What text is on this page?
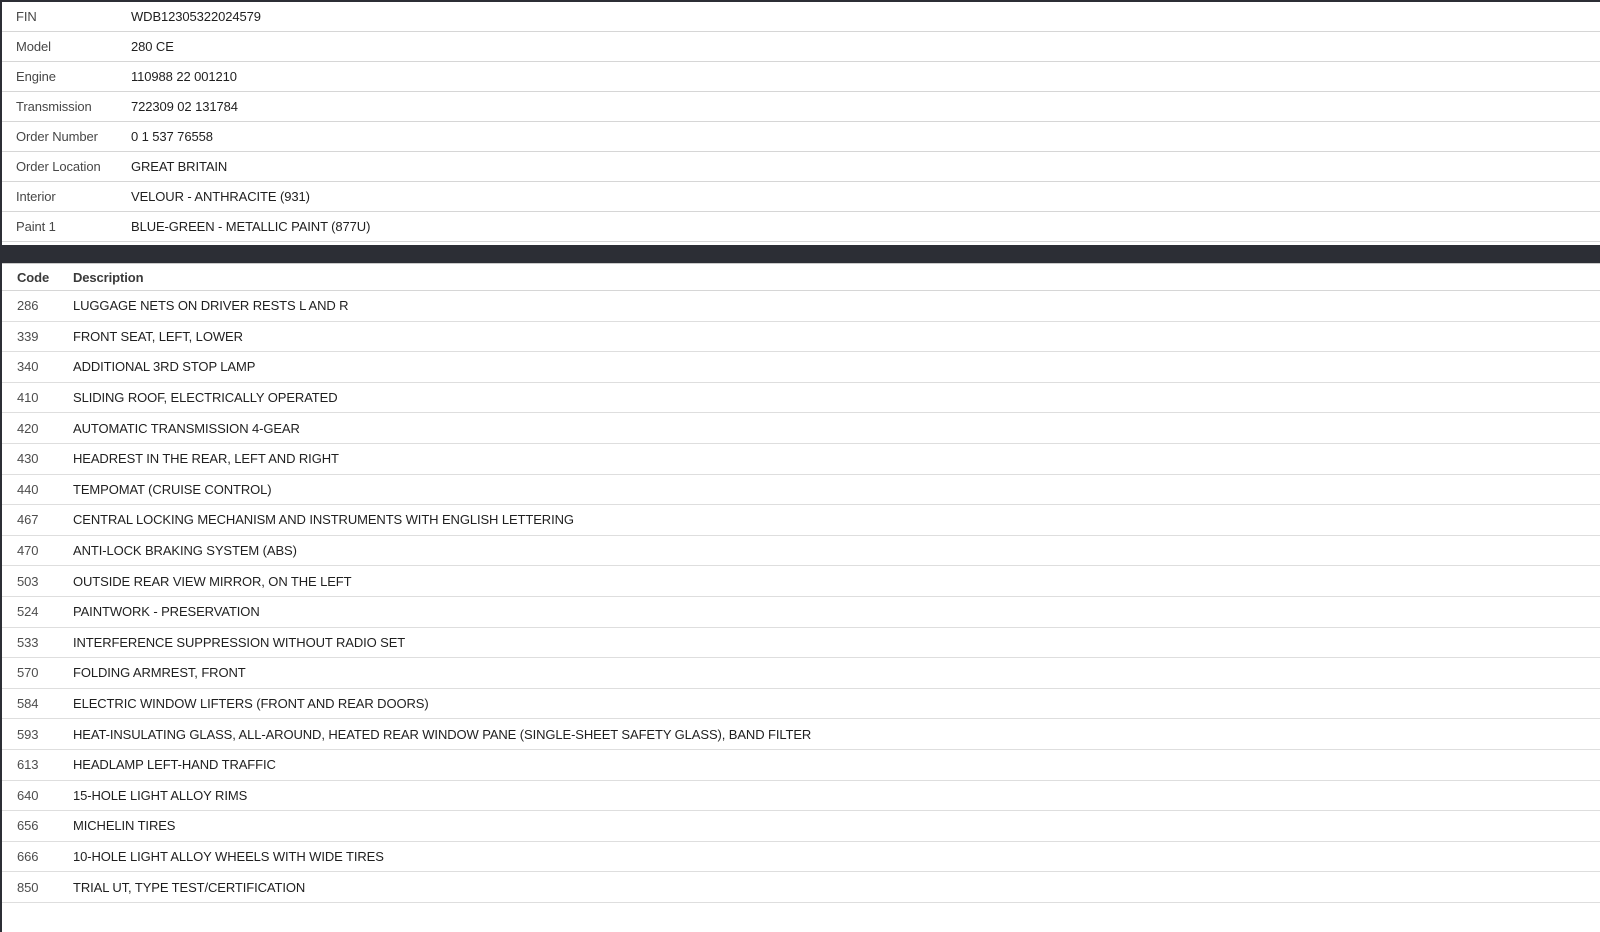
FIN	WDB12305322024579
Model	280 CE
Engine	110988 22 001210
Transmission	722309 02 131784
Order Number	0 1 537 76558
Order Location	GREAT BRITAIN
Interior	VELOUR - ANTHRACITE (931)
Paint 1	BLUE-GREEN - METALLIC PAINT (877U)
Code	Description
286	LUGGAGE NETS ON DRIVER RESTS L AND R
339	FRONT SEAT, LEFT, LOWER
340	ADDITIONAL 3RD STOP LAMP
410	SLIDING ROOF, ELECTRICALLY OPERATED
420	AUTOMATIC TRANSMISSION 4-GEAR
430	HEADREST IN THE REAR, LEFT AND RIGHT
440	TEMPOMAT (CRUISE CONTROL)
467	CENTRAL LOCKING MECHANISM AND INSTRUMENTS WITH ENGLISH LETTERING
470	ANTI-LOCK BRAKING SYSTEM (ABS)
503	OUTSIDE REAR VIEW MIRROR, ON THE LEFT
524	PAINTWORK - PRESERVATION
533	INTERFERENCE SUPPRESSION WITHOUT RADIO SET
570	FOLDING ARMREST, FRONT
584	ELECTRIC WINDOW LIFTERS (FRONT AND REAR DOORS)
593	HEAT-INSULATING GLASS, ALL-AROUND, HEATED REAR WINDOW PANE (SINGLE-SHEET SAFETY GLASS), BAND FILTER
613	HEADLAMP LEFT-HAND TRAFFIC
640	15-HOLE LIGHT ALLOY RIMS
656	MICHELIN TIRES
666	10-HOLE LIGHT ALLOY WHEELS WITH WIDE TIRES
850	TRIAL UT, TYPE TEST/CERTIFICATION
